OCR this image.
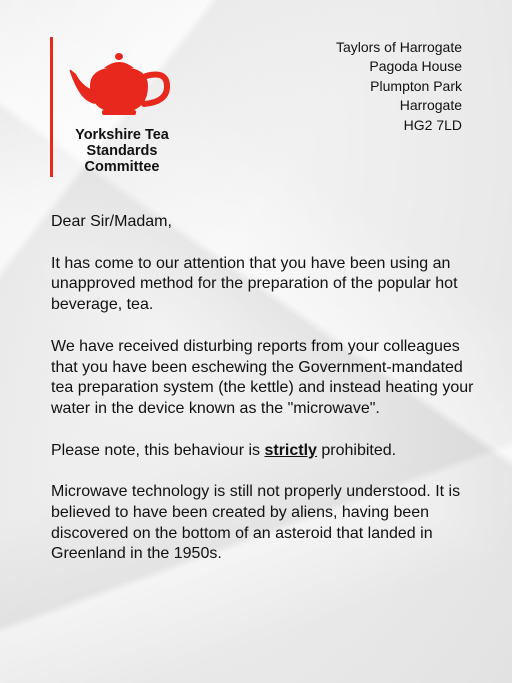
Yorkshire Tea
Standards
Committee
Taylors of Harrogate
Pagoda House
Plumpton Park
Harrogate
HG2 7LD

Dear Sir/Madam,

It has come to our attention that you have been using an unapproved method for the preparation of the popular hot beverage, tea.

We have received disturbing reports from your colleagues that you have been eschewing the Government-mandated tea preparation system (the kettle) and instead heating your water in the device known as the "microwave".

Please note, this behaviour is strictly prohibited.

Microwave technology is still not properly understood. It is believed to have been created by aliens, having been discovered on the bottom of an asteroid that landed in Greenland in the 1950s.
